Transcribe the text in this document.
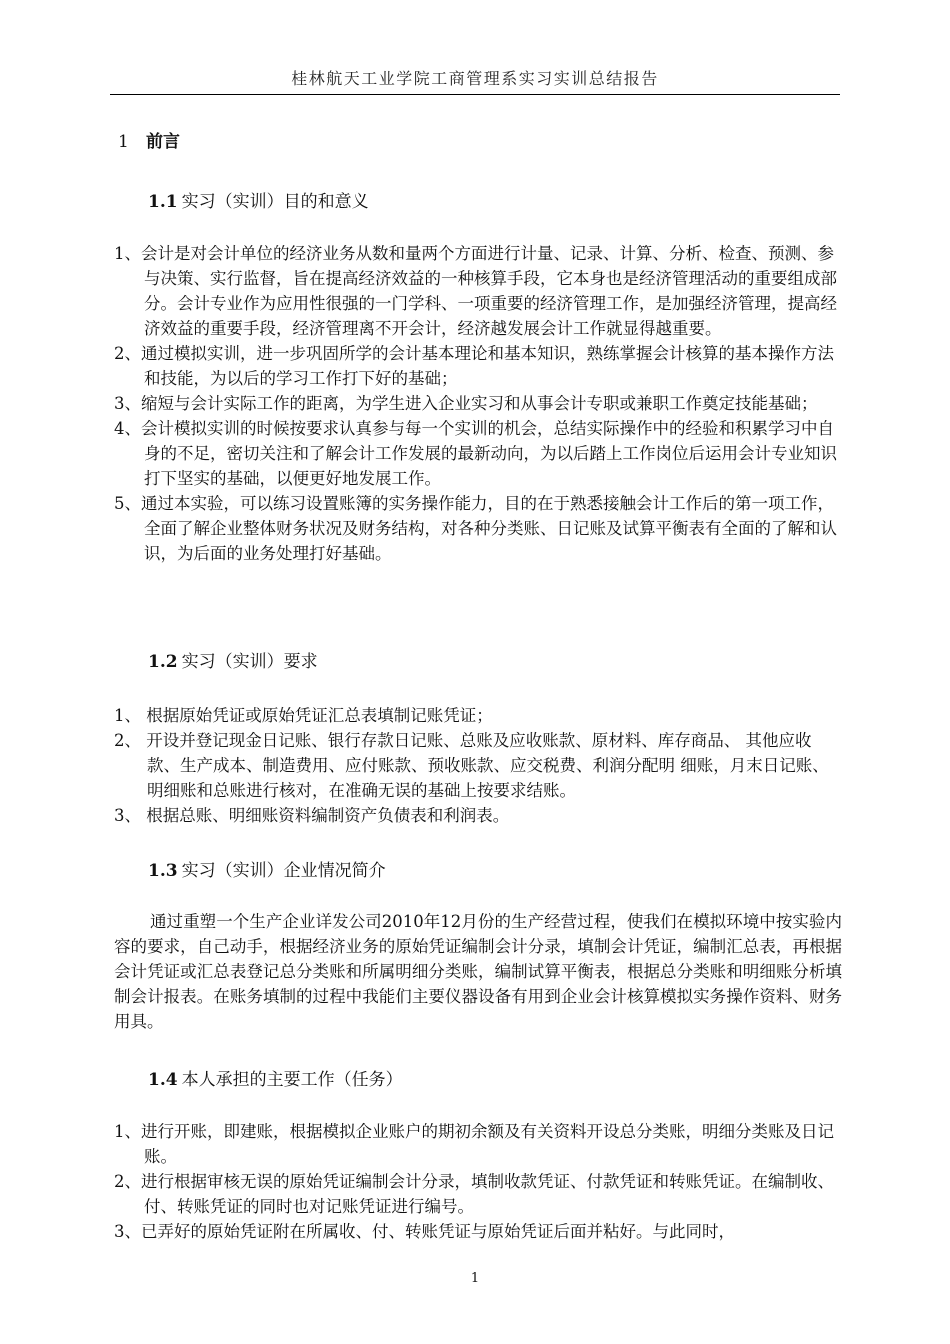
桂林航天工业学院工商管理系实习实训总结报告
1 前言
1.1 实习（实训）目的和意义
1、会计是对会计单位的经济业务从数和量两个方面进行计量、记录、计算、分析、检查、预测、参与决策、实行监督，旨在提高经济效益的一种核算手段，它本身也是经济管理活动的重要组成部分。会计专业作为应用性很强的一门学科、一项重要的经济管理工作，是加强经济管理，提高经济效益的重要手段，经济管理离不开会计，经济越发展会计工作就显得越重要。
2、通过模拟实训，进一步巩固所学的会计基本理论和基本知识，熟练掌握会计核算的基本操作方法和技能，为以后的学习工作打下好的基础；
3、缩短与会计实际工作的距离，为学生进入企业实习和从事会计专职或兼职工作奠定技能基础；
4、会计模拟实训的时候按要求认真参与每一个实训的机会，总结实际操作中的经验和积累学习中自身的不足，密切关注和了解会计工作发展的最新动向，为以后踏上工作岗位后运用会计专业知识打下坚实的基础，以便更好地发展工作。
5、通过本实验，可以练习设置账簿的实务操作能力，目的在于熟悉接触会计工作后的第一项工作，全面了解企业整体财务状况及财务结构，对各种分类账、日记账及试算平衡表有全面的了解和认识，为后面的业务处理打好基础。
1.2 实习（实训）要求
1、 根据原始凭证或原始凭证汇总表填制记账凭证；
2、 开设并登记现金日记账、银行存款日记账、总账及应收账款、原材料、库存商品、 其他应收款、生产成本、制造费用、应付账款、预收账款、应交税费、利润分配明 细账，月末日记账、明细账和总账进行核对，在准确无误的基础上按要求结账。
3、 根据总账、明细账资料编制资产负债表和利润表。
1.3 实习（实训）企业情况简介

通过重塑一个生产企业详发公司2010年12月份的生产经营过程，使我们在模拟环境中按实验内容的要求，自己动手，根据经济业务的原始凭证编制会计分录，填制会计凭证，编制汇总表，再根据会计凭证或汇总表登记总分类账和所属明细分类账，编制试算平衡表，根据总分类账和明细账分析填制会计报表。在账务填制的过程中我能们主要仪器设备有用到企业会计核算模拟实务操作资料、财务用具。

1.4 本人承担的主要工作（任务）
1、进行开账，即建账，根据模拟企业账户的期初余额及有关资料开设总分类账，明细分类账及日记账。
2、进行根据审核无误的原始凭证编制会计分录，填制收款凭证、付款凭证和转账凭证。在编制收、付、转账凭证的同时也对记账凭证进行编号。
3、已弄好的原始凭证附在所属收、付、转账凭证与原始凭证后面并粘好。与此同时，
1
